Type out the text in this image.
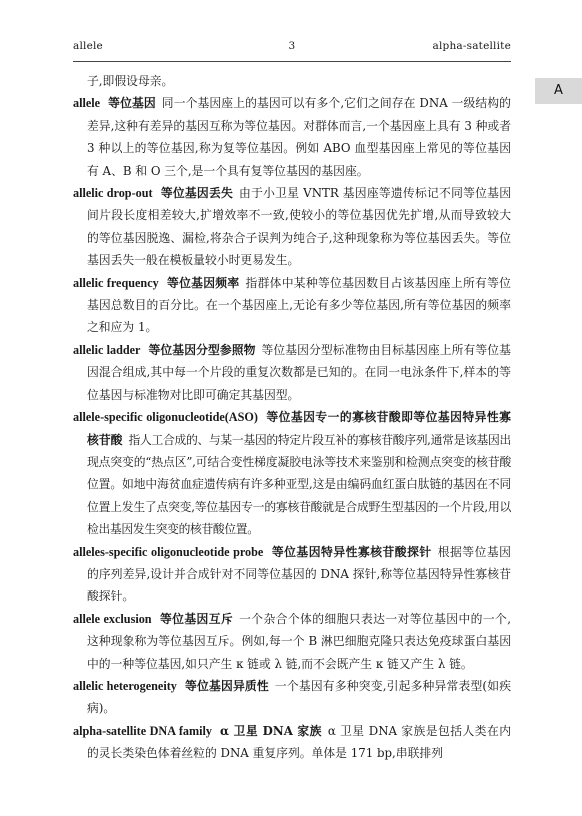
allele	3	alpha-satellite
A

子,即假设母亲。

allele 等位基因 同一个基因座上的基因可以有多个,它们之间存在 DNA 一级结构的差异,这种有差异的基因互称为等位基因。对群体而言,一个基因座上具有 3 种或者 3 种以上的等位基因,称为复等位基因。例如 ABO 血型基因座上常见的等位基因有 A、B 和 O 三个,是一个具有复等位基因的基因座。

allelic drop-out 等位基因丢失 由于小卫星 VNTR 基因座等遗传标记不同等位基因间片段长度相差较大,扩增效率不一致,使较小的等位基因优先扩增,从而导致较大的等位基因脱逸、漏检,将杂合子误判为纯合子,这种现象称为等位基因丢失。等位基因丢失一般在模板量较小时更易发生。

allelic frequency 等位基因频率 指群体中某种等位基因数目占该基因座上所有等位基因总数目的百分比。在一个基因座上,无论有多少等位基因,所有等位基因的频率之和应为 1。

allelic ladder 等位基因分型参照物 等位基因分型标准物由目标基因座上所有等位基因混合组成,其中每一个片段的重复次数都是已知的。在同一电泳条件下,样本的等位基因与标准物对比即可确定其基因型。

allele-specific oligonucleotide(ASO) 等位基因专一的寡核苷酸即等位基因特异性寡核苷酸 指人工合成的、与某一基因的特定片段互补的寡核苷酸序列,通常是该基因出现点突变的“热点区”,可结合变性梯度凝胶电泳等技术来鉴别和检测点突变的核苷酸位置。如地中海贫血症遗传病有许多种亚型,这是由编码血红蛋白肽链的基因在不同位置上发生了点突变,等位基因专一的寡核苷酸就是合成野生型基因的一个片段,用以检出基因发生突变的核苷酸位置。

alleles-specific oligonucleotide probe 等位基因特异性寡核苷酸探针 根据等位基因的序列差异,设计并合成针对不同等位基因的 DNA 探针,称等位基因特异性寡核苷酸探针。

allele exclusion 等位基因互斥 一个杂合个体的细胞只表达一对等位基因中的一个,这种现象称为等位基因互斥。例如,每一个 B 淋巴细胞克隆只表达免疫球蛋白基因中的一种等位基因,如只产生 κ 链或 λ 链,而不会既产生 κ 链又产生 λ 链。

allelic heterogeneity 等位基因异质性 一个基因有多种突变,引起多种异常表型(如疾病)。

alpha-satellite DNA family α 卫星 DNA 家族 α 卫星 DNA 家族是包括人类在内的灵长类染色体着丝粒的 DNA 重复序列。单体是 171 bp,串联排列
